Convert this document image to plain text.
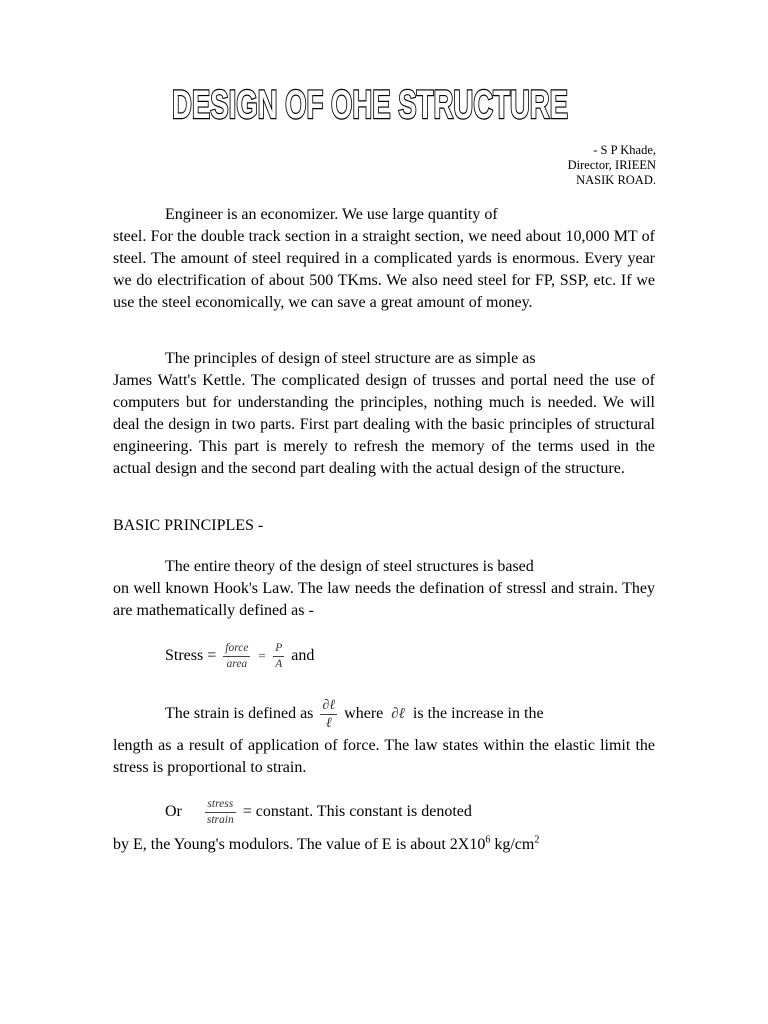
DESIGN OF OHE STRUCTURE
DESIGN OF OHE STRUCTURE
- S P Khade,
Director, IRIEEN
NASIK ROAD.

Engineer is an economizer. We use large quantity of

steel. For the double track section in a straight section, we need about 10,000 MT of steel. The amount of steel required in a complicated yards is enormous. Every year we do electrification of about 500 TKms. We also need steel for FP, SSP, etc. If we use the steel economically, we can save a great amount of money.

The principles of design of steel structure are as simple as

James Watt's Kettle. The complicated design of trusses and portal need the use of computers but for understanding the principles, nothing much is needed. We will deal the design in two parts. First part dealing with the basic principles of structural engineering. This part is merely to refresh the memory of the terms used in the actual design and the second part dealing with the actual design of the structure.

BASIC PRINCIPLES -

The entire theory of the design of steel structures is based

on well known Hook's Law. The law needs the defination of stressl and strain. They are mathematically defined as -

Stress = $\frac{\text{force}}{\text{area}} = \frac{P}{A}$ and
The strain is defined as $\frac{\text{∂ℓ}}{\text{ℓ}}$ where ∂ℓ is the increase in the
length as a result of application of force. The law states within the elastic limit the stress is proportional to strain.
Or $\frac{\text{stress}}{\text{strain}}$ = constant. This constant is denoted
by E, the Young's modulors. The value of E is about $2X10^6$ $kg/cm^2$
